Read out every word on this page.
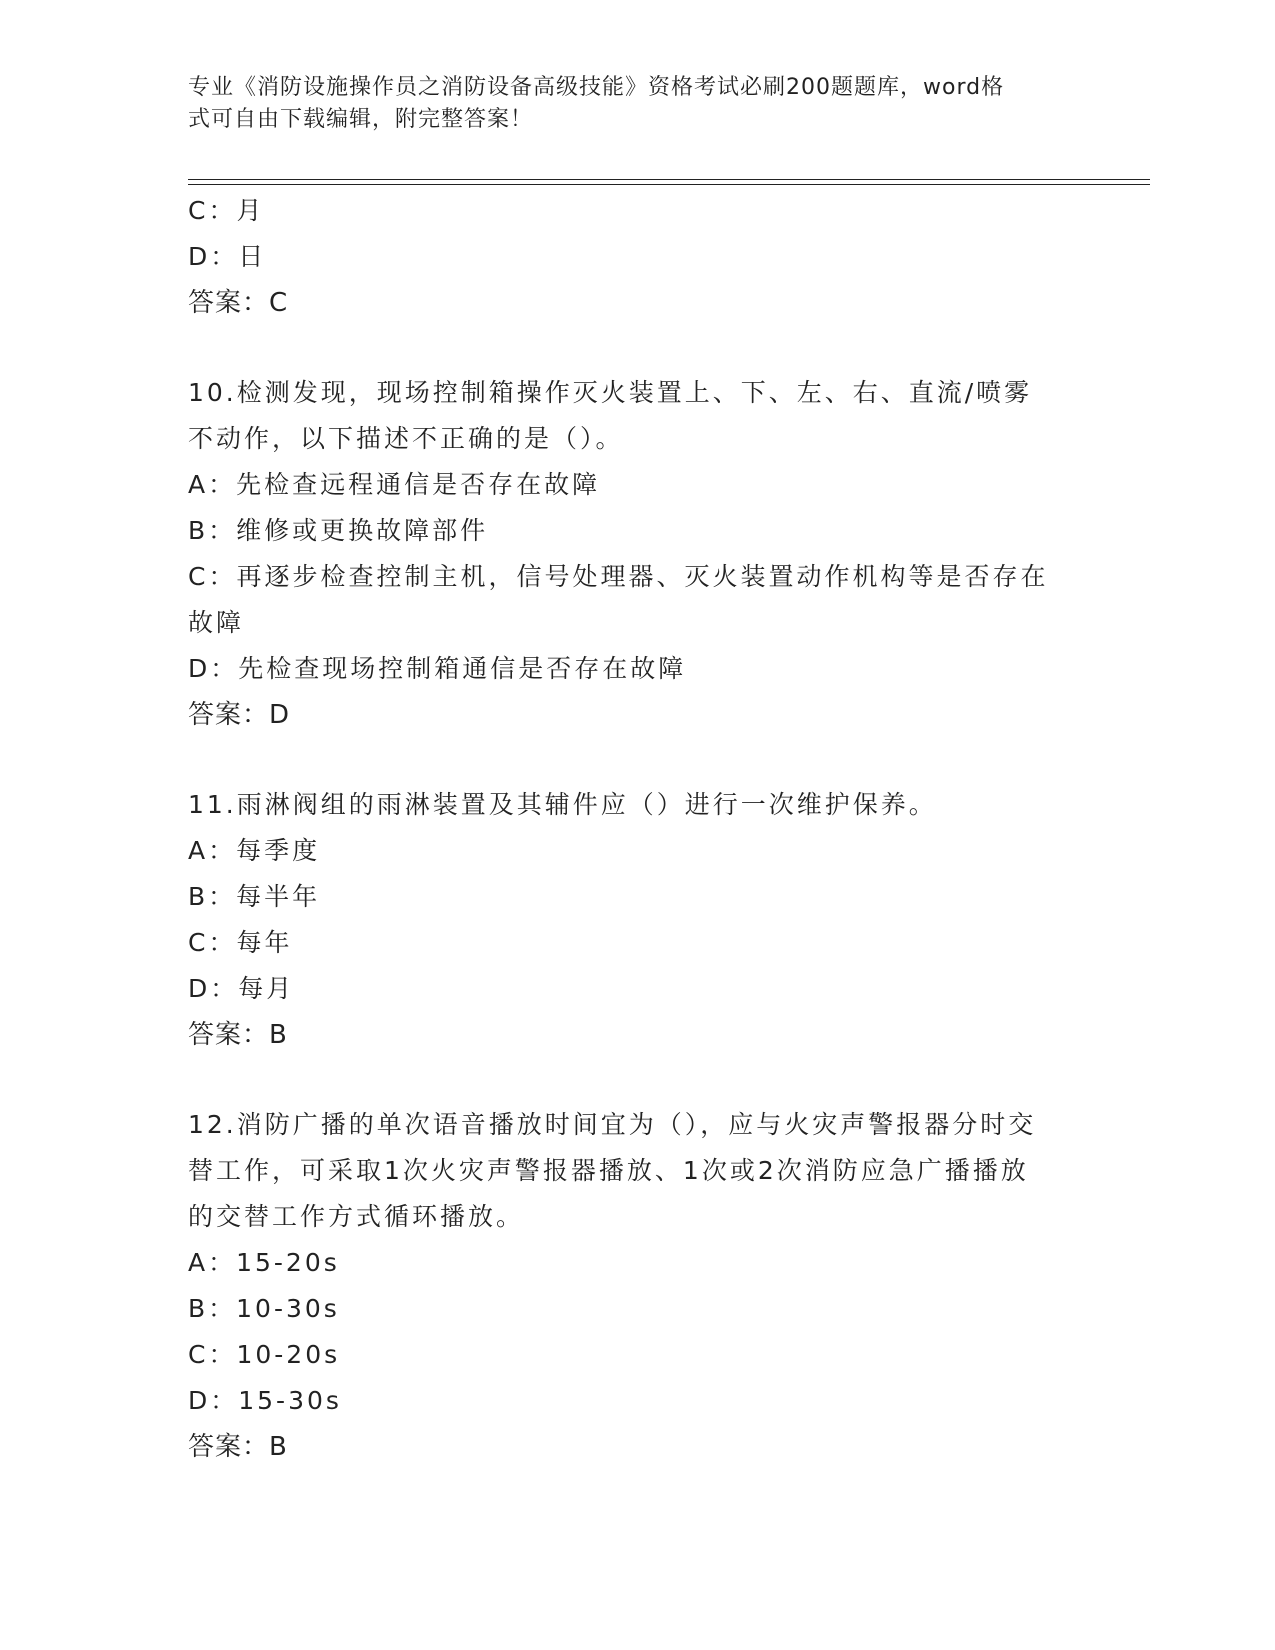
专业《消防设施操作员之消防设备高级技能》资格考试必刷200题题库，word格
式可自由下载编辑，附完整答案！
C：月
D：日
答案：C
10.检测发现，现场控制箱操作灭火装置上、下、左、右、直流/喷雾
不动作，以下描述不正确的是（）。
A：先检查远程通信是否存在故障
B：维修或更换故障部件
C：再逐步检查控制主机，信号处理器、灭火装置动作机构等是否存在
故障
D：先检查现场控制箱通信是否存在故障
答案：D
11.雨淋阀组的雨淋装置及其辅件应（）进行一次维护保养。
A：每季度
B：每半年
C：每年
D：每月
答案：B
12.消防广播的单次语音播放时间宜为（），应与火灾声警报器分时交
替工作，可采取1次火灾声警报器播放、1次或2次消防应急广播播放
的交替工作方式循环播放。
A：15-20s
B：10-30s
C：10-20s
D：15-30s
答案：B
